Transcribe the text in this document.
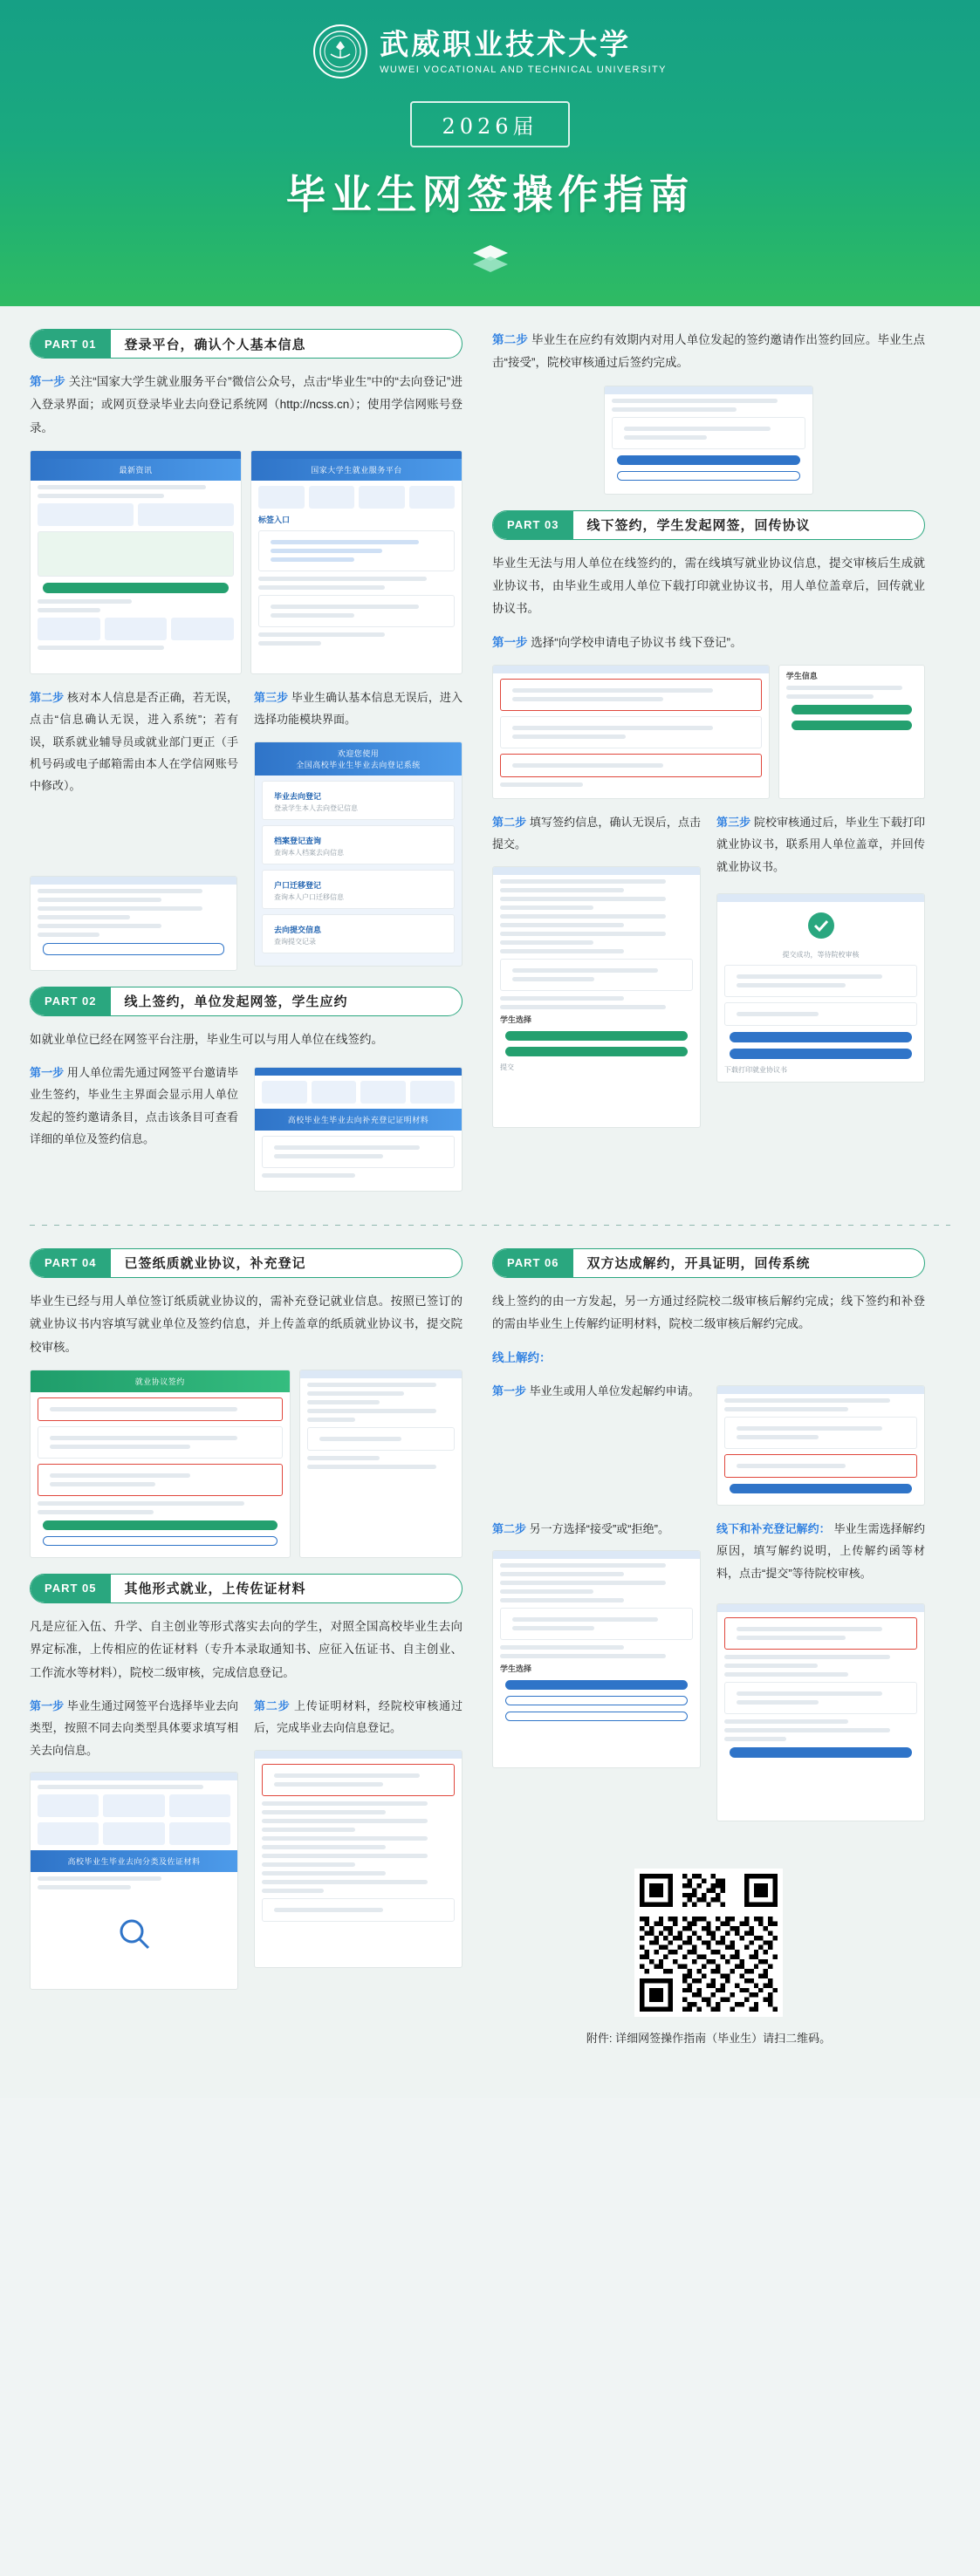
武威职业技术大学
WUWEI VOCATIONAL AND TECHNICAL UNIVERSITY
2026届
毕业生网签操作指南
PART 01	登录平台，确认个人基本信息

第一步 关注“国家大学生就业服务平台”微信公众号，点击“毕业生”中的“去向登记”进入登录界面；或网页登录毕业去向登记系统网（http://ncss.cn）；使用学信网账号登录。

最新资讯	国家大学生就业服务平台
标签入口

第二步 核对本人信息是否正确，若无误，点击“信息确认无误，进入系统”；若有误，联系就业辅导员或就业部门更正（手机号码或电子邮箱需由本人在学信网账号中修改）。

第三步 毕业生确认基本信息无误后，进入选择功能模块界面。

欢迎您使用
全国高校毕业生毕业去向登记系统
毕业去向登记
登录学生本人去向登记信息
档案登记查询
查询本人档案去向信息
户口迁移登记
查询本人户口迁移信息
去向提交信息
查询提交记录
PART 02	线上签约，单位发起网签，学生应约

如就业单位已经在网签平台注册，毕业生可以与用人单位在线签约。

第一步 用人单位需先通过网签平台邀请毕业生签约，毕业生主界面会显示用人单位发起的签约邀请条目，点击该条目可查看详细的单位及签约信息。

高校毕业生毕业去向补充登记证明材料

第二步 毕业生在应约有效期内对用人单位发起的签约邀请作出签约回应。毕业生点击“接受”，院校审核通过后签约完成。

PART 03	线下签约，学生发起网签，回传协议

毕业生无法与用人单位在线签约的，需在线填写就业协议信息，提交审核后生成就业协议书，由毕业生或用人单位下载打印就业协议书，用人单位盖章后，回传就业协议书。

第一步 选择“向学校申请电子协议书 线下登记”。

学生信息

第二步 填写签约信息，确认无误后，点击提交。

学生选择
提交

第三步 院校审核通过后，毕业生下载打印就业协议书，联系用人单位盖章，并回传就业协议书。

提交成功，等待院校审核
下载打印就业协议书
PART 04	已签纸质就业协议，补充登记

毕业生已经与用人单位签订纸质就业协议的，需补充登记就业信息。按照已签订的就业协议书内容填写就业单位及签约信息，并上传盖章的纸质就业协议书，提交院校审核。

就业协议签约
PART 05	其他形式就业，上传佐证材料

凡是应征入伍、升学、自主创业等形式落实去向的学生，对照全国高校毕业生去向界定标准，上传相应的佐证材料（专升本录取通知书、应征入伍证书、自主创业、工作流水等材料），院校二级审核，完成信息登记。

第一步 毕业生通过网签平台选择毕业去向类型，按照不同去向类型具体要求填写相关去向信息。

高校毕业生毕业去向分类及佐证材料

第二步 上传证明材料，经院校审核通过后，完成毕业去向信息登记。

PART 06	双方达成解约，开具证明，回传系统

线上签约的由一方发起，另一方通过经院校二级审核后解约完成；线下签约和补登的需由毕业生上传解约证明材料，院校二级审核后解约完成。

线上解约：

第一步 毕业生或用人单位发起解约申请。

第二步 另一方选择“接受”或“拒绝”。

学生选择

线下和补充登记解约： 毕业生需选择解约原因，填写解约说明，上传解约函等材料，点击“提交”等待院校审核。

附件: 详细网签操作指南（毕业生）请扫二维码。
